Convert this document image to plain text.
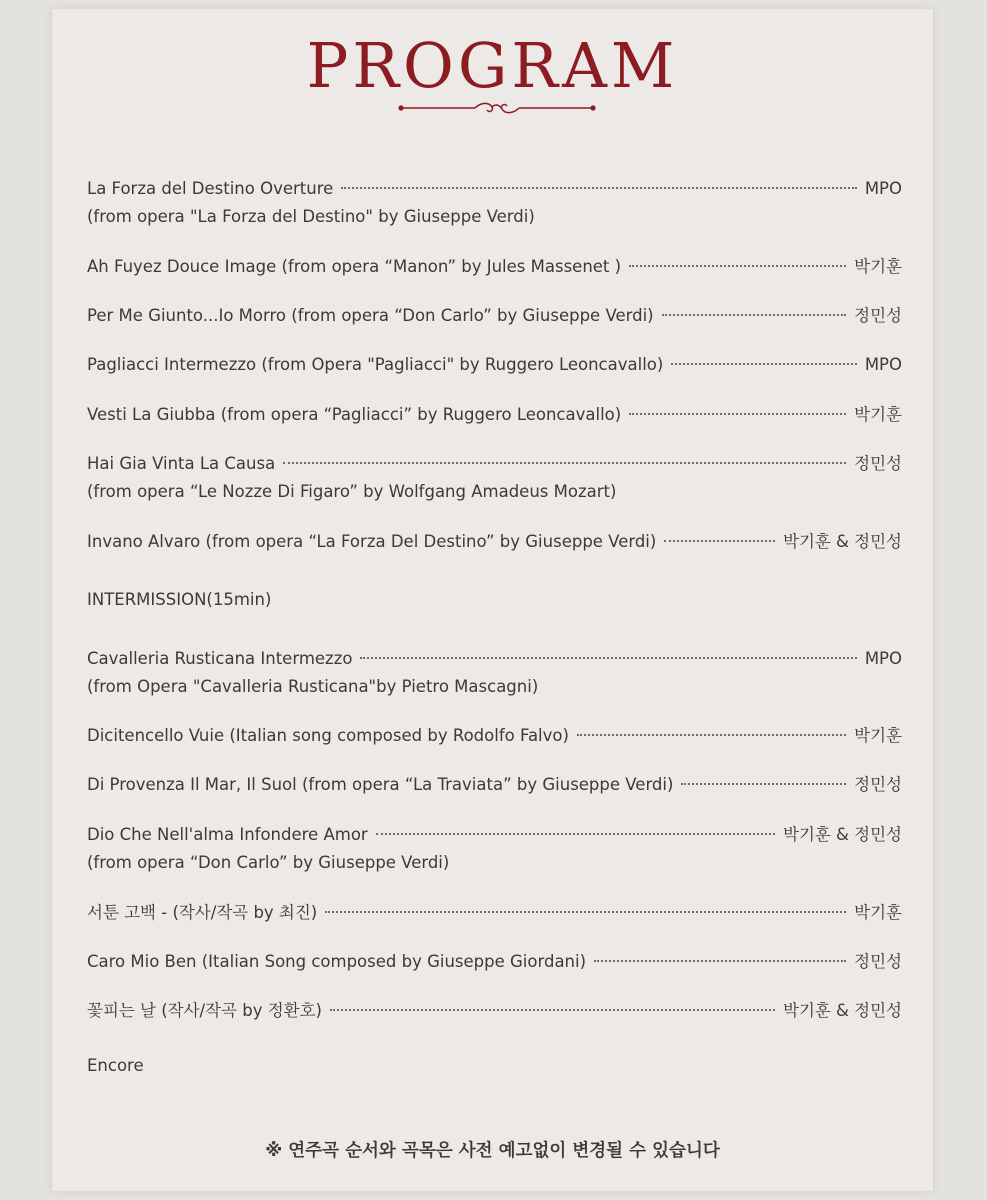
PROGRAM
La Forza del Destino Overture	MPO
(from opera "La Forza del Destino" by Giuseppe Verdi)
Ah Fuyez Douce Image (from opera “Manon” by Jules Massenet )	박기훈
Per Me Giunto...Io Morro (from opera “Don Carlo” by Giuseppe Verdi)	정민성
Pagliacci Intermezzo (from Opera "Pagliacci" by Ruggero Leoncavallo)	MPO
Vesti La Giubba (from opera “Pagliacci” by Ruggero Leoncavallo)	박기훈
Hai Gia Vinta La Causa	정민성
(from opera “Le Nozze Di Figaro” by Wolfgang Amadeus Mozart)
Invano Alvaro (from opera “La Forza Del Destino” by Giuseppe Verdi)	박기훈 & 정민성
INTERMISSION(15min)
Cavalleria Rusticana Intermezzo	MPO
(from Opera "Cavalleria Rusticana"by Pietro Mascagni)
Dicitencello Vuie (Italian song composed by Rodolfo Falvo)	박기훈
Di Provenza Il Mar, Il Suol (from opera “La Traviata” by Giuseppe Verdi)	정민성
Dio Che Nell'alma Infondere Amor	박기훈 & 정민성
(from opera “Don Carlo” by Giuseppe Verdi)
서툰 고백 - (작사/작곡 by 최진)	박기훈
Caro Mio Ben (Italian Song composed by Giuseppe Giordani)	정민성
꽃피는 날 (작사/작곡 by 정환호)	박기훈 & 정민성
Encore
※ 연주곡 순서와 곡목은 사전 예고없이 변경될 수 있습니다
